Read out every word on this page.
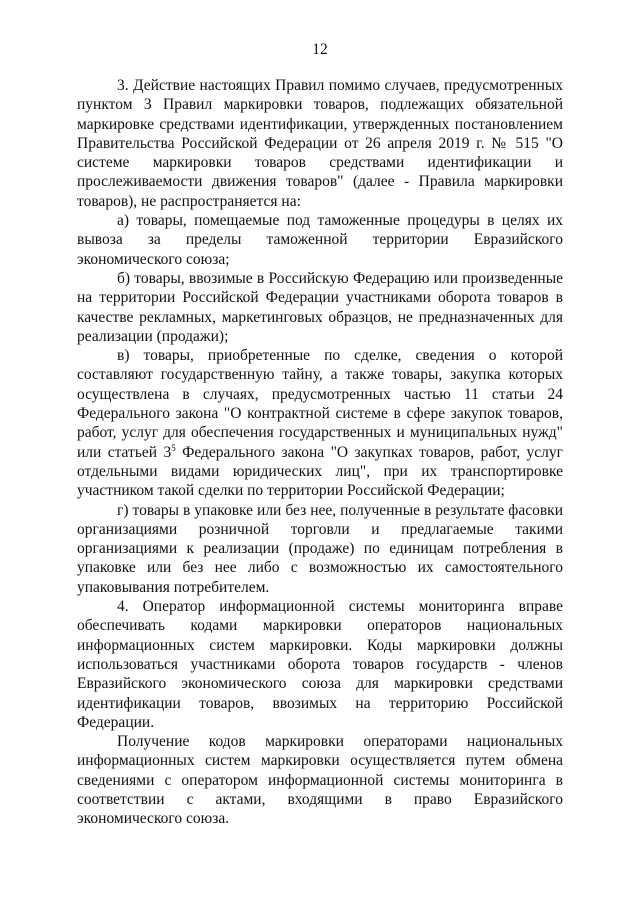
12

3. Действие настоящих Правил помимо случаев, предусмотренных пунктом 3 Правил маркировки товаров, подлежащих обязательной маркировке средствами идентификации, утвержденных постановлением Правительства Российской Федерации от 26 апреля 2019 г. № 515 "О системе маркировки товаров средствами идентификации и прослеживаемости движения товаров" (далее - Правила маркировки товаров), не распространяется на:

а) товары, помещаемые под таможенные процедуры в целях их вывоза за пределы таможенной территории Евразийского экономического союза;

б) товары, ввозимые в Российскую Федерацию или произведенные на территории Российской Федерации участниками оборота товаров в качестве рекламных, маркетинговых образцов, не предназначенных для реализации (продажи);

в) товары, приобретенные по сделке, сведения о которой составляют государственную тайну, а также товары, закупка которых осуществлена в случаях, предусмотренных частью 11 статьи 24 Федерального закона "О контрактной системе в сфере закупок товаров, работ, услуг для обеспечения государственных и муниципальных нужд" или статьей $3^5$ Федерального закона "О закупках товаров, работ, услуг отдельными видами юридических лиц", при их транспортировке участником такой сделки по территории Российской Федерации;

г) товары в упаковке или без нее, полученные в результате фасовки организациями розничной торговли и предлагаемые такими организациями к реализации (продаже) по единицам потребления в упаковке или без нее либо с возможностью их самостоятельного упаковывания потребителем.

4. Оператор информационной системы мониторинга вправе обеспечивать кодами маркировки операторов национальных информационных систем маркировки. Коды маркировки должны использоваться участниками оборота товаров государств - членов Евразийского экономического союза для маркировки средствами идентификации товаров, ввозимых на территорию Российской Федерации.

Получение кодов маркировки операторами национальных информационных систем маркировки осуществляется путем обмена сведениями с оператором информационной системы мониторинга в соответствии с актами, входящими в право Евразийского экономического союза.
